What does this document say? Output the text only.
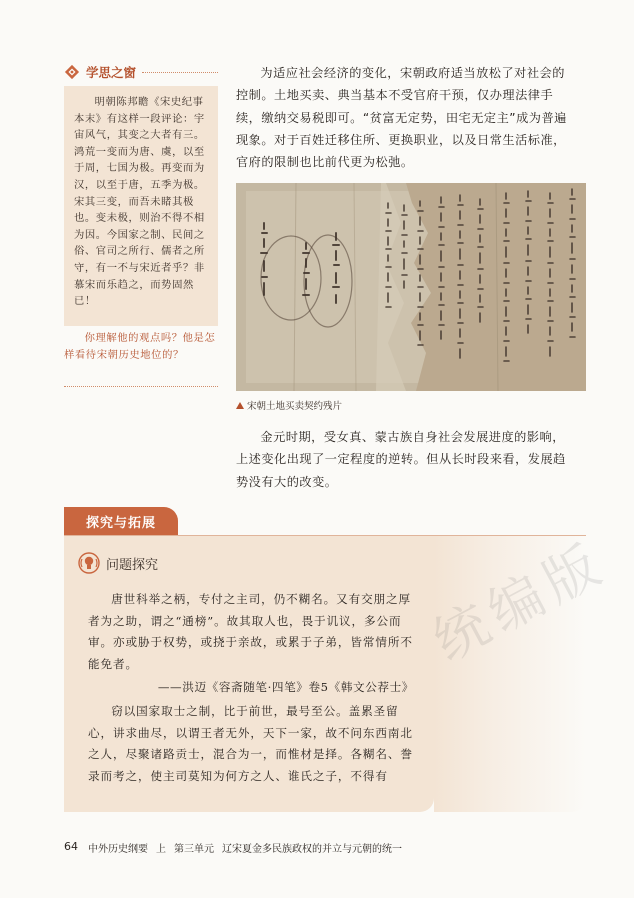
学思之窗

明朝陈邦瞻《宋史纪事本末》有这样一段评论：宇宙风气，其变之大者有三。鸿荒一变而为唐、虞，以至于周，七国为极。再变而为汉，以至于唐，五季为极。宋其三变，而吾未睹其极也。变未极，则治不得不相为因。今国家之制、民间之俗、官司之所行、儒者之所守，有一不与宋近者乎？非慕宋而乐趋之，而势固然已！

你理解他的观点吗？他是怎样看待宋朝历史地位的？

为适应社会经济的变化，宋朝政府适当放松了对社会的控制。土地买卖、典当基本不受官府干预，仅办理法律手续，缴纳交易税即可。“贫富无定势，田宅无定主”成为普遍现象。对于百姓迁移住所、更换职业，以及日常生活标准，官府的限制也比前代更为松弛。

宋朝土地买卖契约残片

金元时期，受女真、蒙古族自身社会发展进度的影响，上述变化出现了一定程度的逆转。但从长时段来看，发展趋势没有大的改变。

探究与拓展
统编版
问题探究

唐世科举之柄，专付之主司，仍不糊名。又有交朋之厚者为之助，谓之“通榜”。故其取人也，畏于讥议，多公而审。亦或胁于权势，或挠于亲故，或累于子弟，皆常情所不能免者。

——洪迈《容斋随笔·四笔》卷5《韩文公荐士》

窃以国家取士之制，比于前世，最号至公。盖累圣留心，讲求曲尽，以谓王者无外，天下一家，故不问东西南北之人，尽聚诸路贡士，混合为一，而惟材是择。各糊名、誊录而考之，使主司莫知为何方之人、谁氏之子，不得有

64 中外历史纲要 上 第三单元 辽宋夏金多民族政权的并立与元朝的统一
